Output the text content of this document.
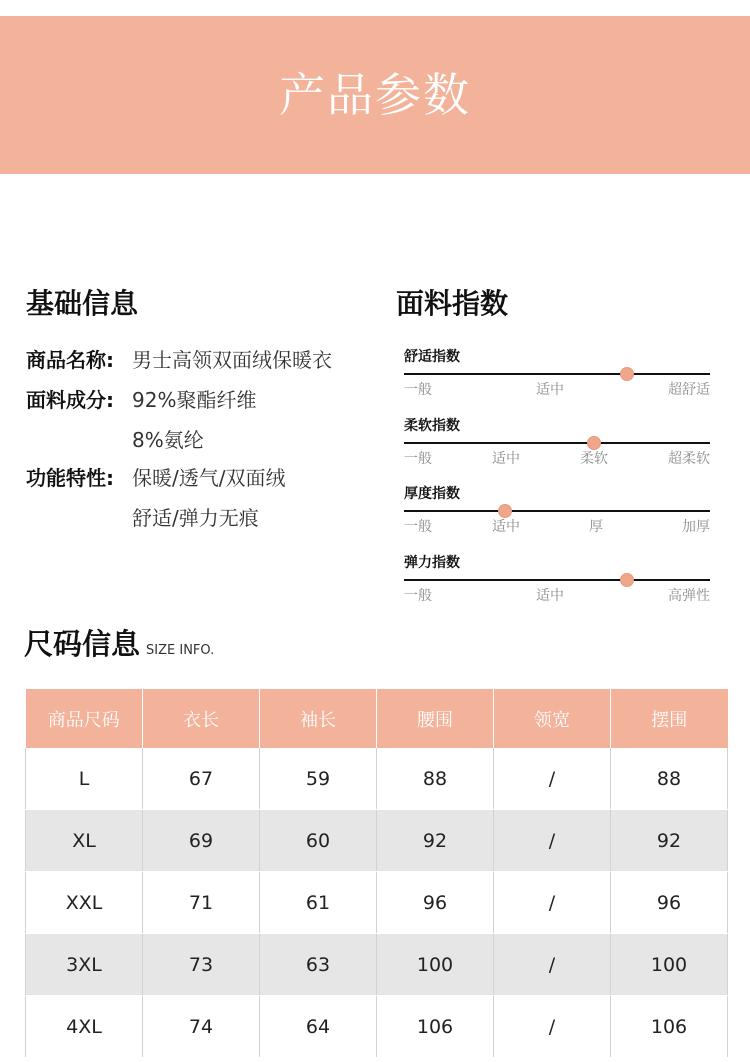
产品参数
基础信息
商品名称: 男士高领双面绒保暖衣
面料成分: 92%聚酯纤维
8%氨纶
功能特性: 保暖/透气/双面绒
舒适/弹力无痕
面料指数
舒适指数
一般	适中	超舒适
柔软指数
一般	适中	柔软	超柔软
厚度指数
一般	适中	厚	加厚
弹力指数
一般	适中	高弹性
尺码信息 SIZE INFO.
商品尺码	衣长	袖长	腰围	领宽	摆围
L	67	59	88	/	88
XL	69	60	92	/	92
XXL	71	61	96	/	96
3XL	73	63	100	/	100
4XL	74	64	106	/	106
